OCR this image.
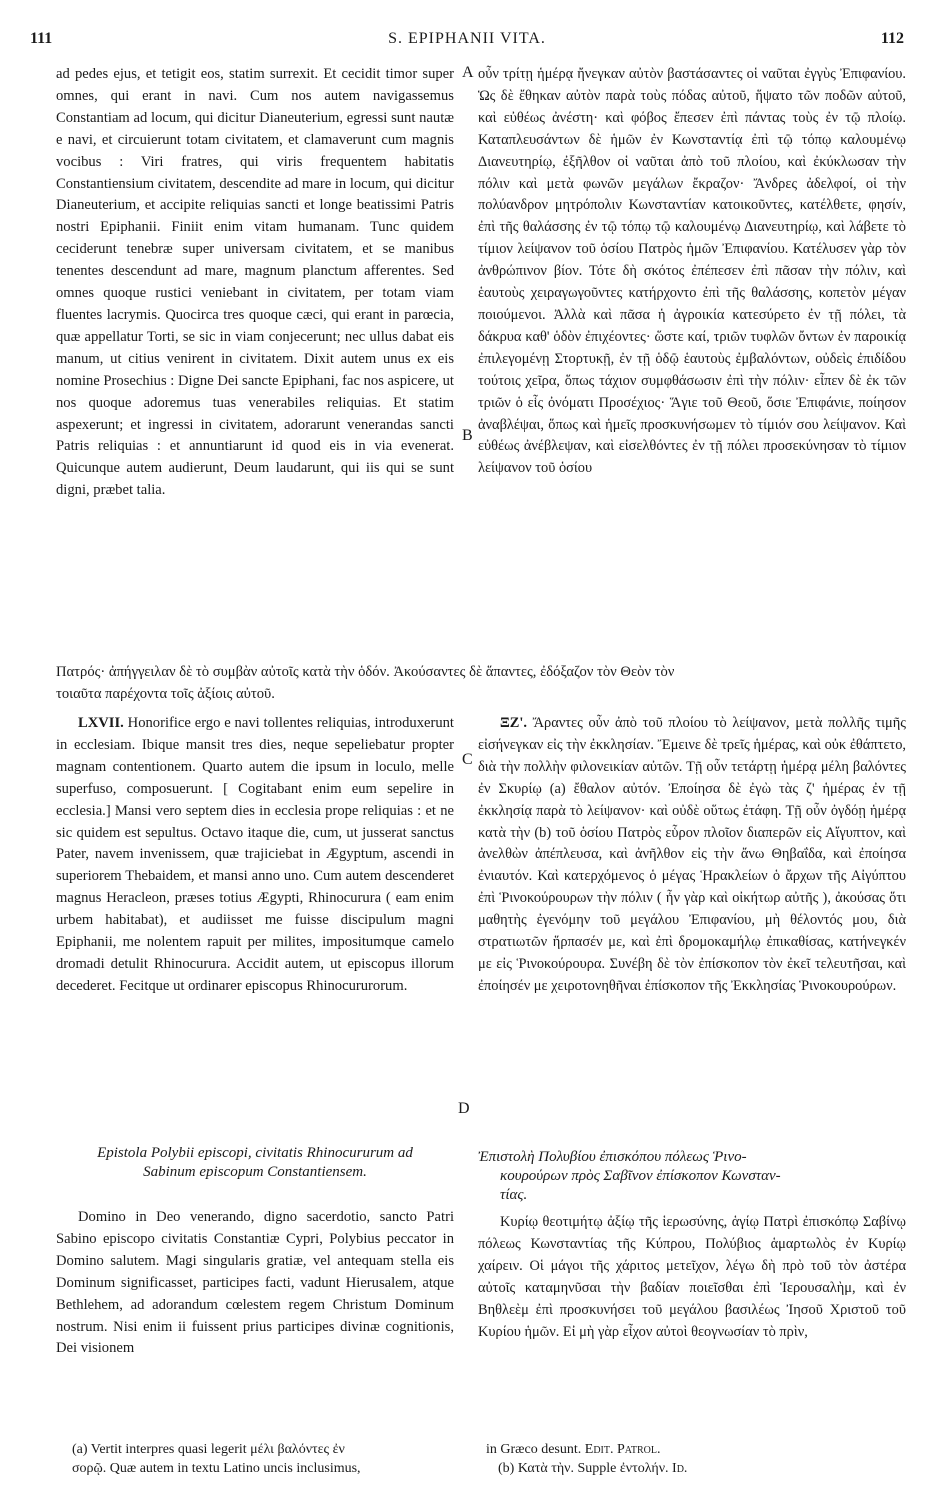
111	S. EPIPHANII VITA.	112

ad pedes ejus, et tetigit eos, statim surrexit. Et cecidit timor super omnes, qui erant in navi. Cum nos autem navigassemus Constantiam ad locum, qui dicitur Dianeuterium, egressi sunt nautæ e navi, et circuierunt totam civitatem, et clamaverunt cum magnis vocibus : Viri fratres, qui viris frequentem habitatis Constantiensium civitatem, descendite ad mare in locum, qui dicitur Dianeuterium, et accipite reliquias sancti et longe beatissimi Patris nostri Epiphanii. Finiit enim vitam humanam. Tunc quidem ceciderunt tenebræ super universam civitatem, et se manibus tenentes descendunt ad mare, magnum planctum afferentes. Sed omnes quoque rustici veniebant in civitatem, per totam viam fluentes lacrymis. Quocirca tres quoque cæci, qui erant in parœcia, quæ appellatur Torti, se sic in viam conjecerunt; nec ullus dabat eis manum, ut citius venirent in civitatem. Dixit autem unus ex eis nomine Prosechius : Digne Dei sancte Epiphani, fac nos aspicere, ut nos quoque adoremus tuas venerabiles reliquias. Et statim aspexerunt; et ingressi in civitatem, adorarunt venerandas sancti Patris reliquias : et annuntiarunt id quod eis in via evenerat. Quicunque autem audierunt, Deum laudarunt, qui iis qui se sunt digni, præbet talia.

οὖν τρίτῃ ἡμέρᾳ ἤνεγκαν αὐτὸν βαστάσαντες οἱ ναῦται ἐγγὺς Ἐπιφανίου. Ὡς δὲ ἔθηκαν αὐτὸν παρὰ τοὺς πόδας αὐτοῦ, ἥψατο τῶν ποδῶν αὐτοῦ, καὶ εὐθέως ἀνέστη· καὶ φόβος ἔπεσεν ἐπὶ πάντας τοὺς ἐν τῷ πλοίῳ. Καταπλευσάντων δὲ ἡμῶν ἐν Κωνσταντίᾳ ἐπὶ τῷ τόπῳ καλουμένῳ Διανευτηρίῳ, ἐξῆλθον οἱ ναῦται ἀπὸ τοῦ πλοίου, καὶ ἐκύκλωσαν τὴν πόλιν καὶ μετὰ φωνῶν μεγάλων ἔκραζον· Ἄνδρες ἀδελφοί, οἱ τὴν πολύανδρον μητρόπολιν Κωνσταντίαν κατοικοῦντες, κατέλθετε, φησίν, ἐπὶ τῆς θαλάσσης ἐν τῷ τόπῳ τῷ καλουμένῳ Διανευτηρίῳ, καὶ λάβετε τὸ τίμιον λείψανον τοῦ ὁσίου Πατρὸς ἡμῶν Ἐπιφανίου. Κατέλυσεν γὰρ τὸν ἀνθρώπινον βίον. Τότε δὴ σκότος ἐπέπεσεν ἐπὶ πᾶσαν τὴν πόλιν, καὶ ἑαυτοὺς χειραγωγοῦντες κατήρχοντο ἐπὶ τῆς θαλάσσης, κοπετὸν μέγαν ποιούμενοι. Ἀλλὰ καὶ πᾶσα ἡ ἀγροικία κατεσύρετο ἐν τῇ πόλει, τὰ δάκρυα καθ' ὁδὸν ἐπιχέοντες· ὥστε καί, τριῶν τυφλῶν ὄντων ἐν παροικίᾳ ἐπιλεγομένῃ Στορτυκῇ, ἐν τῇ ὁδῷ ἑαυτοὺς ἐμβαλόντων, οὐδεὶς ἐπιδίδου τούτοις χεῖρα, ὅπως τάχιον συμφθάσωσιν ἐπὶ τὴν πόλιν· εἶπεν δὲ ἐκ τῶν τριῶν ὁ εἷς ὀνόματι Προσέχιος· Ἅγιε τοῦ Θεοῦ, ὅσιε Ἐπιφάνιε, ποίησον ἀναβλέψαι, ὅπως καὶ ἡμεῖς προσκυνήσωμεν τὸ τίμιόν σου λείψανον. Καὶ εὐθέως ἀνέβλεψαν, καὶ εἰσελθόντες ἐν τῇ πόλει προσεκύνησαν τὸ τίμιον λείψανον τοῦ ὁσίου

Πατρός· ἀπήγγειλαν δὲ τὸ συμβὰν αὐτοῖς κατὰ τὴν ὁδόν. Ἀκούσαντες δὲ ἅπαντες, ἐδόξαζον τὸν Θεὸν τὸν

τοιαῦτα παρέχοντα τοῖς ἀξίοις αὐτοῦ.

LXVII. Honorifice ergo e navi tollentes reliquias, introduxerunt in ecclesiam. Ibique mansit tres dies, neque sepeliebatur propter magnam contentionem. Quarto autem die ipsum in loculo, melle superfuso, composuerunt. [ Cogitabant enim eum sepelire in ecclesia.] Mansi vero septem dies in ecclesia prope reliquias : et ne sic quidem est sepultus. Octavo itaque die, cum, ut jusserat sanctus Pater, navem invenissem, quæ trajiciebat in Ægyptum, ascendi in superiorem Thebaidem, et mansi anno uno. Cum autem descenderet magnus Heracleon, præses totius Ægypti, Rhinocurura ( eam enim urbem habitabat), et audiisset me fuisse discipulum magni Epiphanii, me nolentem rapuit per milites, impositumque camelo dromadi detulit Rhinocurura. Accidit autem, ut episcopus illorum decederet. Fecitque ut ordinarer episcopus Rhinocururorum.

ΞΖ'. Ἄραντες οὖν ἀπὸ τοῦ πλοίου τὸ λείψανον, μετὰ πολλῆς τιμῆς εἰσήνεγκαν εἰς τὴν ἐκκλησίαν. Ἔμεινε δὲ τρεῖς ἡμέρας, καὶ οὐκ ἐθάπτετο, διὰ τὴν πολλὴν φιλονεικίαν αὐτῶν. Τῇ οὖν τετάρτῃ ἡμέρᾳ μέλη βαλόντες ἐν Σκυρίῳ (a) ἔθαλον αὐτόν. Ἐποίησα δὲ ἐγὼ τὰς ζ' ἡμέρας ἐν τῇ ἐκκλησίᾳ παρὰ τὸ λείψανον· καὶ οὐδὲ οὕτως ἐτάφη. Τῇ οὖν ὀγδόῃ ἡμέρᾳ κατὰ τὴν (b) τοῦ ὁσίου Πατρὸς εὗρον πλοῖον διαπερῶν εἰς Αἴγυπτον, καὶ ἀνελθὼν ἀπέπλευσα, καὶ ἀνῆλθον εἰς τὴν ἄνω Θηβαΐδα, καὶ ἐποίησα ἐνιαυτόν. Καὶ κατερχόμενος ὁ μέγας Ἡρακλείων ὁ ἄρχων τῆς Αἰγύπτου ἐπὶ Ῥινοκούρουρων τὴν πόλιν ( ἦν γὰρ καὶ οἰκήτωρ αὐτῆς ), ἀκούσας ὅτι μαθητὴς ἐγενόμην τοῦ μεγάλου Ἐπιφανίου, μὴ θέλοντός μου, διὰ στρατιωτῶν ἥρπασέν με, καὶ ἐπὶ δρομοκαμήλῳ ἐπικαθίσας, κατήνεγκέν με εἰς Ῥινοκούρουρα. Συνέβη δὲ τὸν ἐπίσκοπον τὸν ἐκεῖ τελευτῆσαι, καὶ ἐποίησέν με χειροτονηθῆναι ἐπίσκοπον τῆς Ἐκκλησίας Ῥινοκουρούρων.

Epistola Polybii episcopi, civitatis Rhinocururum ad
Sabinum episcopum Constantiensem.
Ἐπιστολὴ Πολυβίου ἐπισκόπου πόλεως Ῥινο-
κουρούρων πρὸς Σαβῖνον ἐπίσκοπον Κωνσταν-
τίας.

Domino in Deo venerando, digno sacerdotio, sancto Patri Sabino episcopo civitatis Constantiæ Cypri, Polybius peccator in Domino salutem. Magi singularis gratiæ, vel antequam stella eis Dominum significasset, participes facti, vadunt Hierusalem, atque Bethlehem, ad adorandum cœlestem regem Christum Dominum nostrum. Nisi enim ii fuissent prius participes divinæ cognitionis, Dei visionem

Κυρίῳ θεοτιμήτῳ ἀξίῳ τῆς ἱερωσύνης, ἁγίῳ Πατρὶ ἐπισκόπῳ Σαβίνῳ πόλεως Κωνσταντίας τῆς Κύπρου, Πολύβιος ἁμαρτωλὸς ἐν Κυρίῳ χαίρειν. Οἱ μάγοι τῆς χάριτος μετεῖχον, λέγω δὴ πρὸ τοῦ τὸν ἀστέρα αὐτοῖς καταμηνῦσαι τὴν βαδίαν ποιεῖσθαι ἐπὶ Ἱερουσαλὴμ, καὶ ἐν Βηθλεὲμ ἐπὶ προσκυνήσει τοῦ μεγάλου βασιλέως Ἰησοῦ Χριστοῦ τοῦ Κυρίου ἡμῶν. Εἰ μὴ γὰρ εἶχον αὐτοὶ θεογνωσίαν τὸ πρὶν,

A
B
C
D
(a) Vertit interpres quasi legerit μέλι βαλόντες ἐν
σορῷ. Quæ autem in textu Latino uncis inclusimus,
in Græco desunt. Edit. Patrol.
(b) Κατὰ τὴν. Supple ἐντολήν. Id.
